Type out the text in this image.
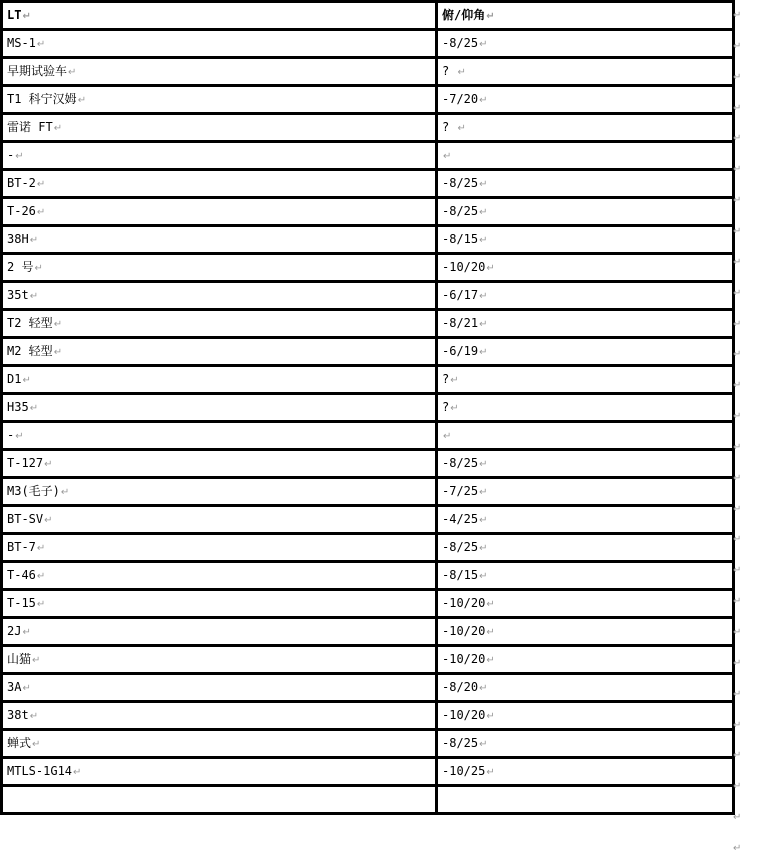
LT↵	俯/仰角↵
MS-1↵	-8/25↵
早期试验车↵	? ↵
T1 科宁汉姆↵	-7/20↵
雷诺 FT↵	? ↵
-↵	↵
BT-2↵	-8/25↵
T-26↵	-8/25↵
38H↵	-8/15↵
2 号↵	-10/20↵
35t↵	-6/17↵
T2 轻型↵	-8/21↵
M2 轻型↵	-6/19↵
D1↵	?↵
H35↵	?↵
-↵	↵
T-127↵	-8/25↵
M3(毛子)↵	-7/25↵
BT-SV↵	-4/25↵
BT-7↵	-8/25↵
T-46↵	-8/15↵
T-15↵	-10/20↵
2J↵	-10/20↵
山猫↵	-10/20↵
3A↵	-8/20↵
38t↵	-10/20↵
蝉式↵	-8/25↵
MTLS-1G14↵	-10/25↵

↵
↵
↵
↵
↵
↵
↵
↵
↵
↵
↵
↵
↵
↵
↵
↵
↵
↵
↵
↵
↵
↵
↵
↵
↵
↵
↵
↵
